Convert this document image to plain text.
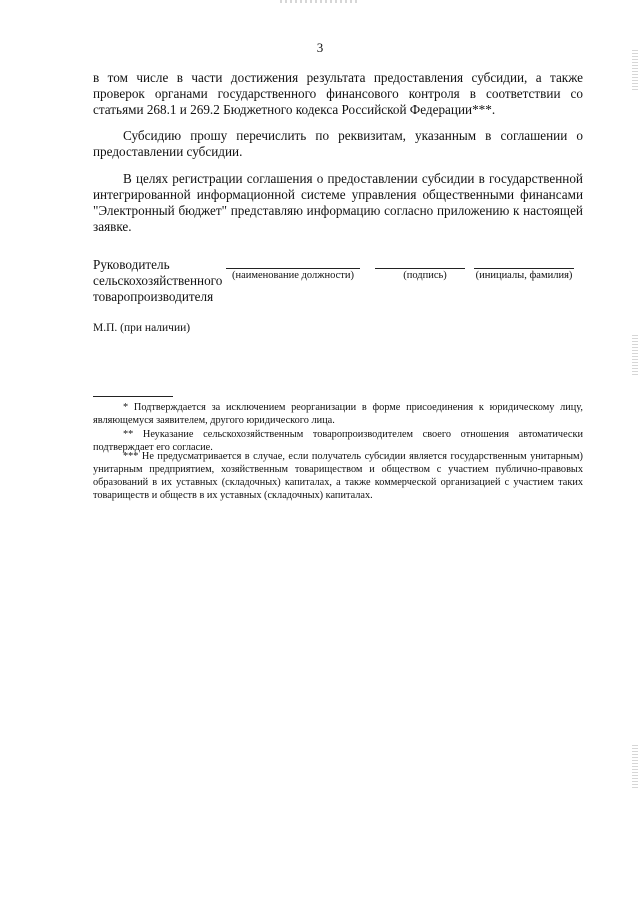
3

в том числе в части достижения результата предоставления субсидии, а также проверок органами государственного финансового контроля в соответствии со статьями 268.1 и 269.2 Бюджетного кодекса Российской Федерации***.

Субсидию прошу перечислить по реквизитам, указанным в соглашении о предоставлении субсидии.

В целях регистрации соглашения о предоставлении субсидии в государственной интегрированной информационной системе управления общественными финансами "Электронный бюджет" представляю информацию согласно приложению к настоящей заявке.

Руководитель
сельскохозяйственного
товаропроизводителя
(наименование должности)	(подпись)	(инициалы, фамилия)
М.П. (при наличии)

* Подтверждается за исключением реорганизации в форме присоединения к юридическому лицу, являющемуся заявителем, другого юридического лица.

** Неуказание сельскохозяйственным товаропроизводителем своего отношения автоматически подтверждает его согласие.

*** Не предусматривается в случае, если получатель субсидии является государственным унитарным) унитарным предприятием, хозяйственным товариществом и обществом с участием публично-правовых образований в их уставных (складочных) капиталах, а также коммерческой организацией с участием таких товариществ и обществ в их уставных (складочных) капиталах.
